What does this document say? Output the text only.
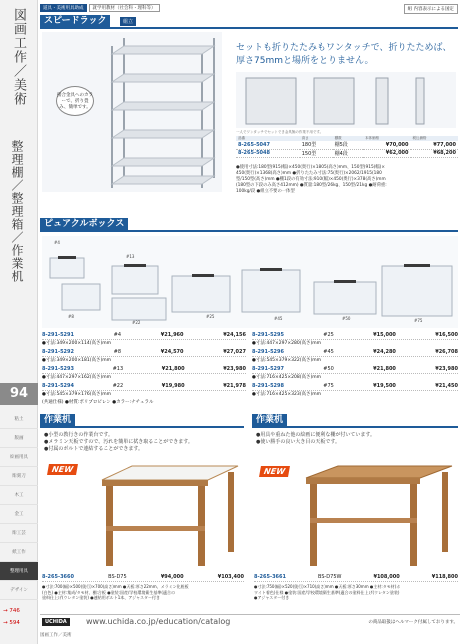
図画工作／美術
整理棚／整理箱／作業机
94
粘土
版画
絵画用具
彫刻刀
木工
金工
彫工芸
紙工作
整理用具
デザイン
→ 746
→ 594
道具・美術用具助成 就学用教材（社会科・理科等）	組 内容表示による国定
スピードラック	組立
接合金具へのカラーで、折り畳み、簡単です。
セットも折りたたみもワンタッチで、折りたためば、
厚さ75mmと場所をとりません。
一人でワンタッチでセットでき金具無の作業不用です。
品番	高さ	棚数	本体価格	税込価格
8-265-5047	180型	棚5段	¥70,000	¥77,000
8-265-5048	150型	棚4段	¥62,000	¥68,200
●使用寸法:180型(915(幅)×450(奥行)×1805(高さ)mm、150型(915(幅)×
450(奥行)×1368(高さ)mm ●折りたたみ寸法:75(奥行)×2062/1915(180
型/150型(高さ)mm ●棚1段の有効寸法:910(幅)×450(奥行)×378(高さ)mm
(180型の下段のみ高さ412mm) ●質量:180型/26kg、150型/21kg ●耐荷重:
100kg/段 ●組立不要の一体型
ピュアクルボックス
#4
#8
#13
#22
#25	#45	#50	#75
8-291-5291	#4	¥21,960	¥24,156
●寸法:349×200×114(高さ)mm
8-291-5292	#8	¥24,570	¥27,027
●寸法:349×200×181(高さ)mm
8-291-5293	#13	¥21,800	¥23,980
●寸法:447×297×162(高さ)mm
8-291-5294	#22	¥19,980	¥21,978
●寸法:545×379×176(高さ)mm
(共通仕様) ●材質:ポリプロピレン ●カラー:ナチュラル
8-291-5295	#25	¥15,000	¥16,500
●寸法:447×297×280(高さ)mm
8-291-5296	#45	¥24,280	¥26,708
●寸法:545×379×322(高さ)mm
8-291-5297	#50	¥21,800	¥23,980
●寸法:716×425×208(高さ)mm
8-291-5298	#75	¥19,500	¥21,450
●寸法:716×425×323(高さ)mm
作業机
●小型の教行きの作業台です。
●メラミン天板ですので、汚れを簡単に拭き取ることができます。
●付属のボルトで連結することができます。
NEW
8-265-3660	BS-D75	¥94,000	¥103,400
●寸法:700(幅)×500(奥行)×700(高さ)mm ●天板:厚さ22mm、メラミン化粧板
(白色) ●主材:集成/タモ材、棚:合板 ●塗装:国産/学校環境衛生基準(適合の
塗料仕上げ(ウレタン塗装) ●連結用ボルト1本、アジャスター付き
作業机
●用具や重ねた他の絵画に便利な棚が付いています。
●使い勝手の良い大き目の天板です。
NEW
8-265-3661	BS-D75W	¥108,000	¥118,800
●寸法:750(幅)×520(奥行)×710(高さ)mm ●天板:厚さ30mm ●主材:タモ材(ホ
ワイト着色)仕様 ●塗装:国産/学校環境衛生基準(適合の塗料仕上げ(ウレタン塗装)
●アジャスター付き
UCHIDA	www.uchida.co.jp/education/catalog	の商品取扱はヘルマーク付属しております。
図画工作／美術
